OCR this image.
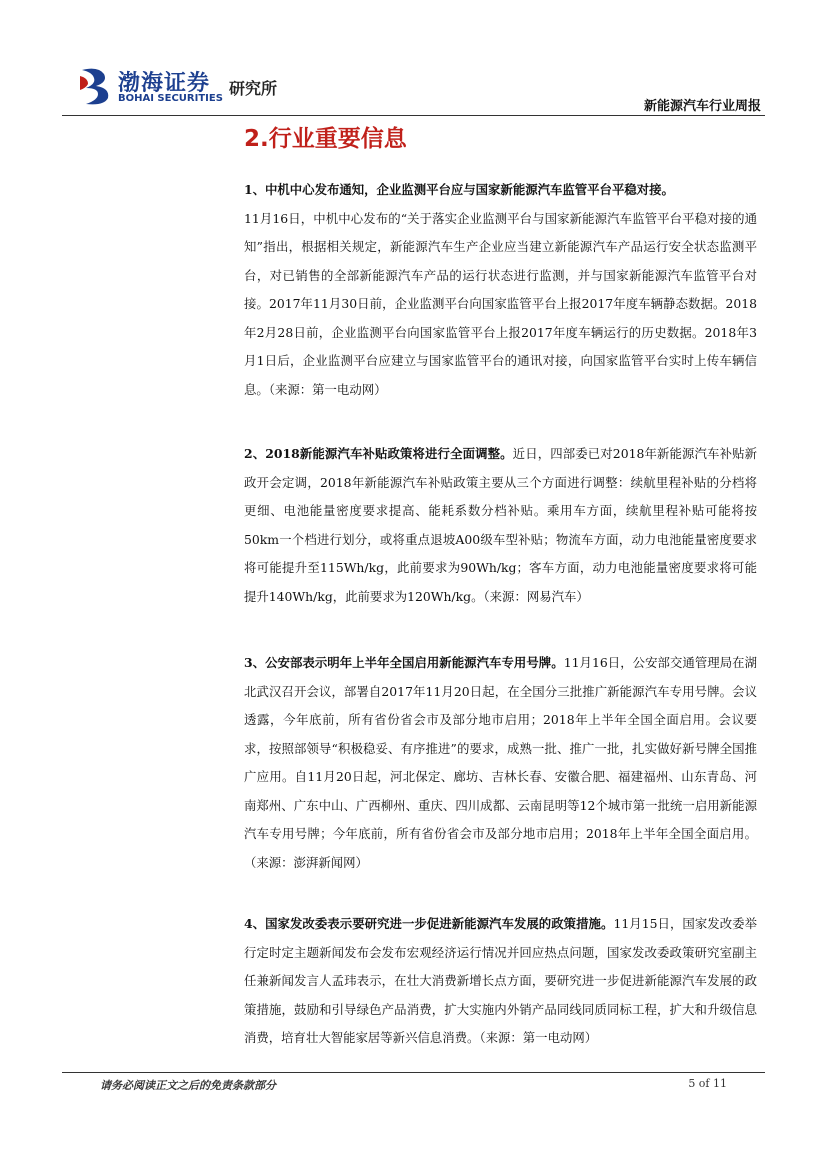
渤海证券
BOHAI SECURITIES
研究所
新能源汽车行业周报
2.行业重要信息
1、中机中心发布通知，企业监测平台应与国家新能源汽车监管平台平稳对接。
11月16日，中机中心发布的“关于落实企业监测平台与国家新能源汽车监管平台平稳对接的通知”指出，根据相关规定，新能源汽车生产企业应当建立新能源汽车产品运行安全状态监测平台，对已销售的全部新能源汽车产品的运行状态进行监测，并与国家新能源汽车监管平台对接。2017年11月30日前，企业监测平台向国家监管平台上报2017年度车辆静态数据。2018年2月28日前，企业监测平台向国家监管平台上报2017年度车辆运行的历史数据。2018年3月1日后，企业监测平台应建立与国家监管平台的通讯对接，向国家监管平台实时上传车辆信息。（来源：第一电动网）
2、2018新能源汽车补贴政策将进行全面调整。近日，四部委已对2018年新能源汽车补贴新政开会定调，2018年新能源汽车补贴政策主要从三个方面进行调整：续航里程补贴的分档将更细、电池能量密度要求提高、能耗系数分档补贴。乘用车方面，续航里程补贴可能将按50km一个档进行划分，或将重点退坡A00级车型补贴；物流车方面，动力电池能量密度要求将可能提升至115Wh/kg，此前要求为90Wh/kg；客车方面，动力电池能量密度要求将可能提升140Wh/kg，此前要求为120Wh/kg。（来源：网易汽车）
3、公安部表示明年上半年全国启用新能源汽车专用号牌。11月16日，公安部交通管理局在湖北武汉召开会议，部署自2017年11月20日起，在全国分三批推广新能源汽车专用号牌。会议透露，今年底前，所有省份省会市及部分地市启用；2018年上半年全国全面启用。会议要求，按照部领导“积极稳妥、有序推进”的要求，成熟一批、推广一批，扎实做好新号牌全国推广应用。自11月20日起，河北保定、廊坊、吉林长春、安徽合肥、福建福州、山东青岛、河南郑州、广东中山、广西柳州、重庆、四川成都、云南昆明等12个城市第一批统一启用新能源汽车专用号牌；今年底前，所有省份省会市及部分地市启用；2018年上半年全国全面启用。（来源：澎湃新闻网）
4、国家发改委表示要研究进一步促进新能源汽车发展的政策措施。11月15日，国家发改委举行定时定主题新闻发布会发布宏观经济运行情况并回应热点问题，国家发改委政策研究室副主任兼新闻发言人孟玮表示，在壮大消费新增长点方面，要研究进一步促进新能源汽车发展的政策措施，鼓励和引导绿色产品消费，扩大实施内外销产品同线同质同标工程，扩大和升级信息消费，培育壮大智能家居等新兴信息消费。（来源：第一电动网）
请务必阅读正文之后的免责条款部分	5 of 11
